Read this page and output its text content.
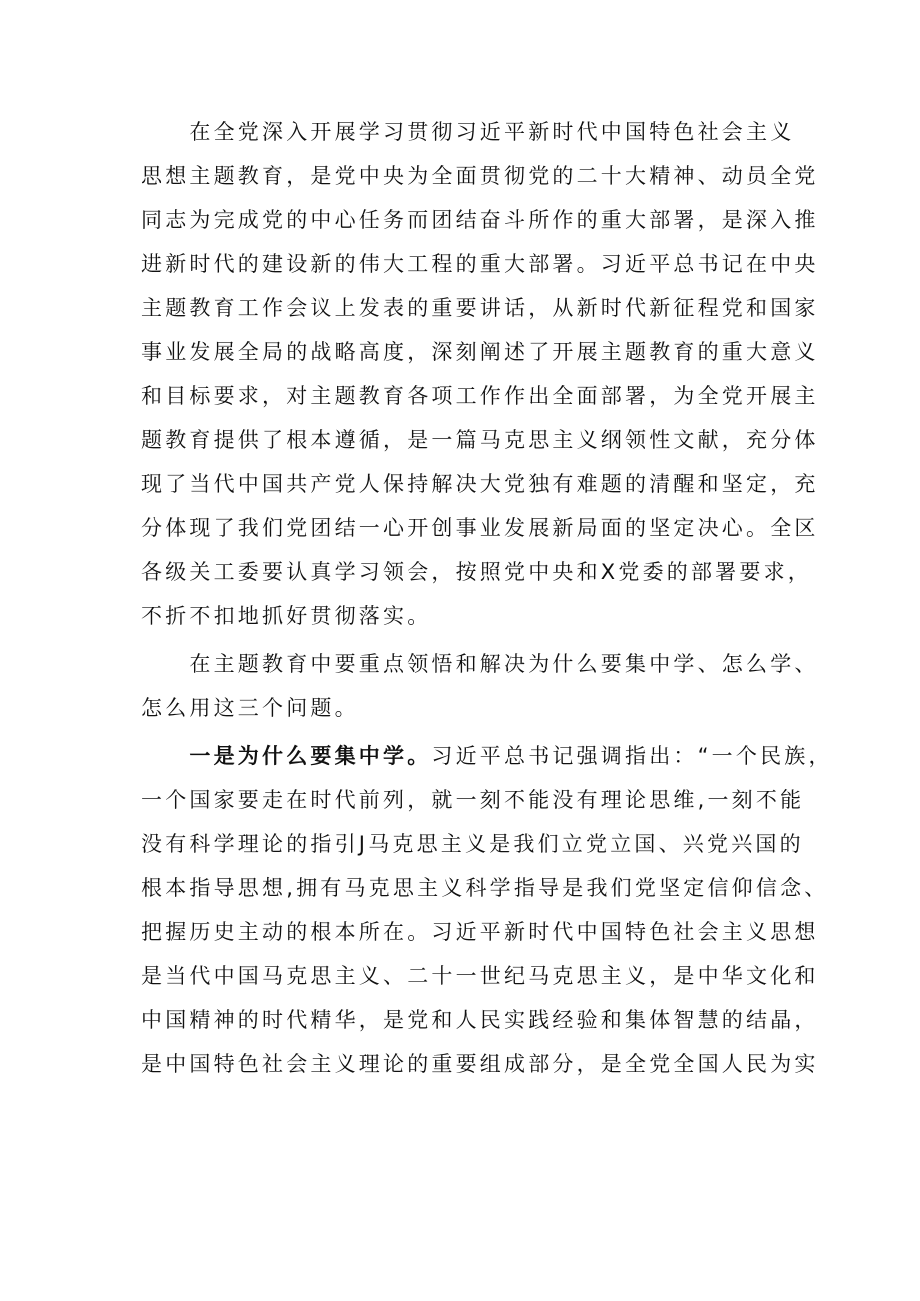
　　在全党深入开展学习贯彻习近平新时代中国特色社会主义
思想主题教育，是党中央为全面贯彻党的二十大精神、动员全党
同志为完成党的中心任务而团结奋斗所作的重大部署，是深入推
进新时代的建设新的伟大工程的重大部署。习近平总书记在中央
主题教育工作会议上发表的重要讲话，从新时代新征程党和国家
事业发展全局的战略高度，深刻阐述了开展主题教育的重大意义
和目标要求，对主题教育各项工作作出全面部署，为全党开展主
题教育提供了根本遵循，是一篇马克思主义纲领性文献，充分体
现了当代中国共产党人保持解决大党独有难题的清醒和坚定，充
分体现了我们党团结一心开创事业发展新局面的坚定决心。全区
各级关工委要认真学习领会，按照党中央和X党委的部署要求，
不折不扣地抓好贯彻落实。
　　在主题教育中要重点领悟和解决为什么要集中学、怎么学、
怎么用这三个问题。
　　一是为什么要集中学。习近平总书记强调指出：“一个民族，
一个国家要走在时代前列，就一刻不能没有理论思维,一刻不能
没有科学理论的指引J马克思主义是我们立党立国、兴党兴国的
根本指导思想,拥有马克思主义科学指导是我们党坚定信仰信念、
把握历史主动的根本所在。习近平新时代中国特色社会主义思想
是当代中国马克思主义、二十一世纪马克思主义，是中华文化和
中国精神的时代精华，是党和人民实践经验和集体智慧的结晶，
是中国特色社会主义理论的重要组成部分，是全党全国人民为实
